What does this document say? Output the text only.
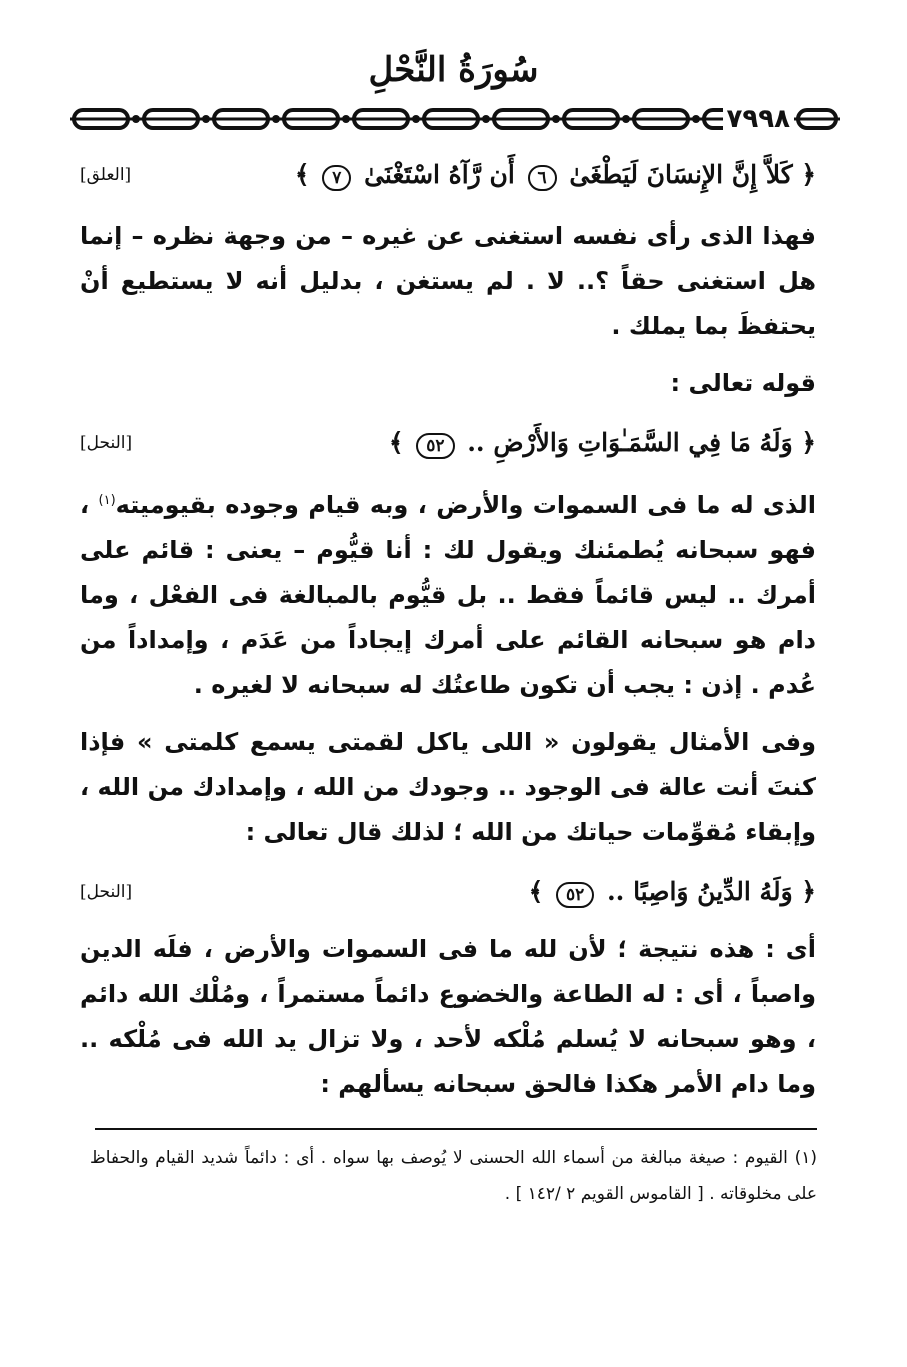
سُورَةُ النَّحْلِ
٧٩٩٨
﴿ كَلاَّ إِنَّ الإِنسَانَ لَيَطْغَىٰ ٦ أَن رَّآهُ اسْتَغْنَىٰ ٧ ﴾
[العلق]

فهذا الذى رأى نفسه استغنى عن غيره – من وجهة نظره – إنما هل استغنى حقاً ؟.. لا . لم يستغن ، بدليل أنه لا يستطيع أنْ يحتفظَ بما يملك .

قوله تعالى :

﴿ وَلَهُ مَا فِي السَّمَـٰوَاتِ وَالأَرْضِ .. ٥٢ ﴾
[النحل]

الذى له ما فى السموات والأرض ، وبه قيام وجوده بقيوميته$^{(١)}$ ، فهو سبحانه يُطمئنك ويقول لك : أنا قيُّوم – يعنى : قائم على أمرك .. ليس قائماً فقط .. بل قيُّوم بالمبالغة فى الفعْل ، وما دام هو سبحانه القائم على أمرك إيجاداً من عَدَم ، وإمداداً من عُدم . إذن : يجب أن تكون طاعتُك له سبحانه لا لغيره .

وفى الأمثال يقولون « اللى ياكل لقمتى يسمع كلمتى » فإذا كنتَ أنت عالة فى الوجود .. وجودك من الله ، وإمدادك من الله ، وإبقاء مُقوِّمات حياتك من الله ؛ لذلك قال تعالى :

﴿ وَلَهُ الدِّينُ وَاصِبًا .. ٥٢ ﴾
[النحل]

أى : هذه نتيجة ؛ لأن لله ما فى السموات والأرض ، فلَه الدين واصباً ، أى : له الطاعة والخضوع دائماً مستمراً ، ومُلْك الله دائم ، وهو سبحانه لا يُسلم مُلْكه لأحد ، ولا تزال يد الله فى مُلْكه .. وما دام الأمر هكذا فالحق سبحانه يسألهم :

(١) القيوم : صيغة مبالغة من أسماء الله الحسنى لا يُوصف بها سواه . أى : دائماً شديد القيام والحفاظ على مخلوقاته . [ القاموس القويم ٢ /١٤٢ ] .
